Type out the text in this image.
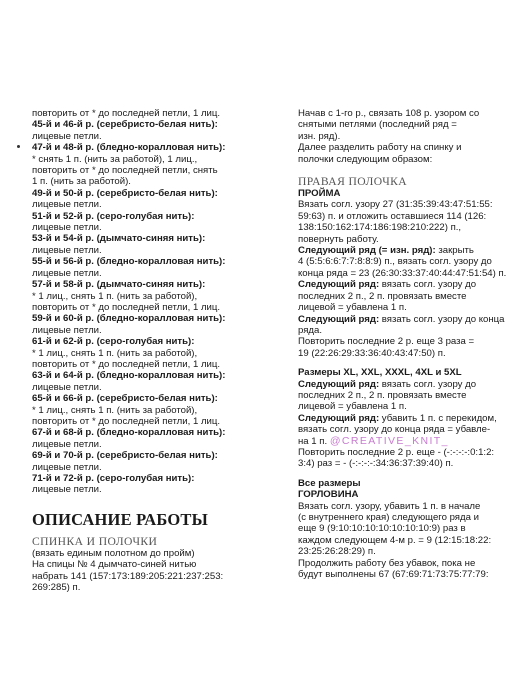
повторить от * до последней петли, 1 лиц.
45-й и 46-й р. (серебристо-белая нить):
лицевые петли.
47-й и 48-й р. (бледно-коралловая нить):
* снять 1 п. (нить за работой), 1 лиц.,
повторить от * до последней петли, снять
1 п. (нить за работой).
49-й и 50-й р. (серебристо-белая нить):
лицевые петли.
51-й и 52-й р. (серо-голубая нить):
лицевые петли.
53-й и 54-й р. (дымчато-синяя нить):
лицевые петли.
55-й и 56-й р. (бледно-коралловая нить):
лицевые петли.
57-й и 58-й р. (дымчато-синяя нить):
* 1 лиц., снять 1 п. (нить за работой),
повторить от * до последней петли, 1 лиц.
59-й и 60-й р. (бледно-коралловая нить):
лицевые петли.
61-й и 62-й р. (серо-голубая нить):
* 1 лиц., снять 1 п. (нить за работой),
повторить от * до последней петли, 1 лиц.
63-й и 64-й р. (бледно-коралловая нить):
лицевые петли.
65-й и 66-й р. (серебристо-белая нить):
* 1 лиц., снять 1 п. (нить за работой),
повторить от * до последней петли, 1 лиц.
67-й и 68-й р. (бледно-коралловая нить):
лицевые петли.
69-й и 70-й р. (серебристо-белая нить):
лицевые петли.
71-й и 72-й р. (серо-голубая нить):
лицевые петли.
ОПИСАНИЕ РАБОТЫ
СПИНКА И ПОЛОЧКИ
(вязать единым полотном до пройм)
На спицы № 4 дымчато-синей нитью
набрать 141 (157:173:189:205:221:237:253:
269:285) п.
Начав с 1-го р., связать 108 р. узором со
снятыми петлями (последний ряд =
изн. ряд).
Далее разделить работу на спинку и
полочки следующим образом:
ПРАВАЯ ПОЛОЧКА
ПРОЙМА
Вязать согл. узору 27 (31:35:39:43:47:51:55:
59:63) п. и отложить оставшиеся 114 (126:
138:150:162:174:186:198:210:222) п.,
повернуть работу.
Следующий ряд (= изн. ряд): закрыть
4 (5:5:6:6:7:7:8:8:9) п., вязать согл. узору до
конца ряда = 23 (26:30:33:37:40:44:47:51:54) п.
Следующий ряд: вязать согл. узору до
последних 2 п., 2 п. провязать вместе
лицевой = убавлена 1 п.
Следующий ряд: вязать согл. узору до конца
ряда.
Повторить последние 2 р. еще 3 раза =
19 (22:26:29:33:36:40:43:47:50) п.
Размеры XL, XXL, XXXL, 4XL и 5XL
Следующий ряд: вязать согл. узору до
последних 2 п., 2 п. провязать вместе
лицевой = убавлена 1 п.
Следующий ряд: убавить 1 п. с перекидом,
вязать согл. узору до конца ряда = убавле-
на 1 п. @CREATIVE_KNIT_
Повторить последние 2 р. еще - (-:-:-:-:0:1:2:
3:4) раз = - (-:-:-:-:34:36:37:39:40) п.
Все размеры
ГОРЛОВИНА
Вязать согл. узору, убавить 1 п. в начале
(с внутреннего края) следующего ряда и
еще 9 (9:10:10:10:10:10:10:10:9) раз в
каждом следующем 4-м р. = 9 (12:15:18:22:
23:25:26:28:29) п.
Продолжить работу без убавок, пока не
будут выполнены 67 (67:69:71:73:75:77:79:
